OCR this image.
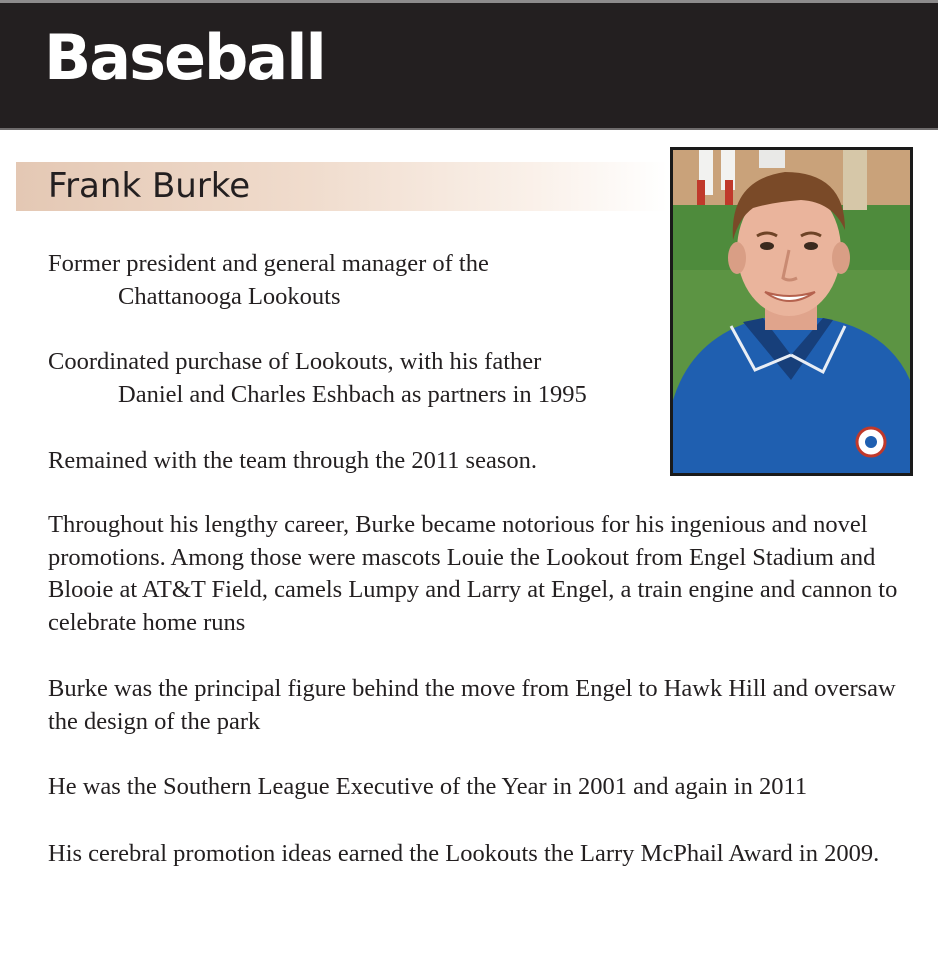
Baseball
Frank Burke

Former president and general manager of the
Chattanooga Lookouts

Coordinated purchase of Lookouts, with his father
Daniel and Charles Eshbach as partners in 1995

Remained with the team through the 2011 season.

Throughout his lengthy career, Burke became notorious for his ingenious and novel promotions. Among those were mascots Louie the Lookout from Engel Stadium and Blooie at AT&T Field, camels Lumpy and Larry at Engel, a train engine and cannon to celebrate home runs

Burke was the principal figure behind the move from Engel to Hawk Hill and oversaw the design of the park

He was the Southern League Executive of the Year in 2001 and again in 2011

His cerebral promotion ideas earned the Lookouts the Larry McPhail Award in 2009.
